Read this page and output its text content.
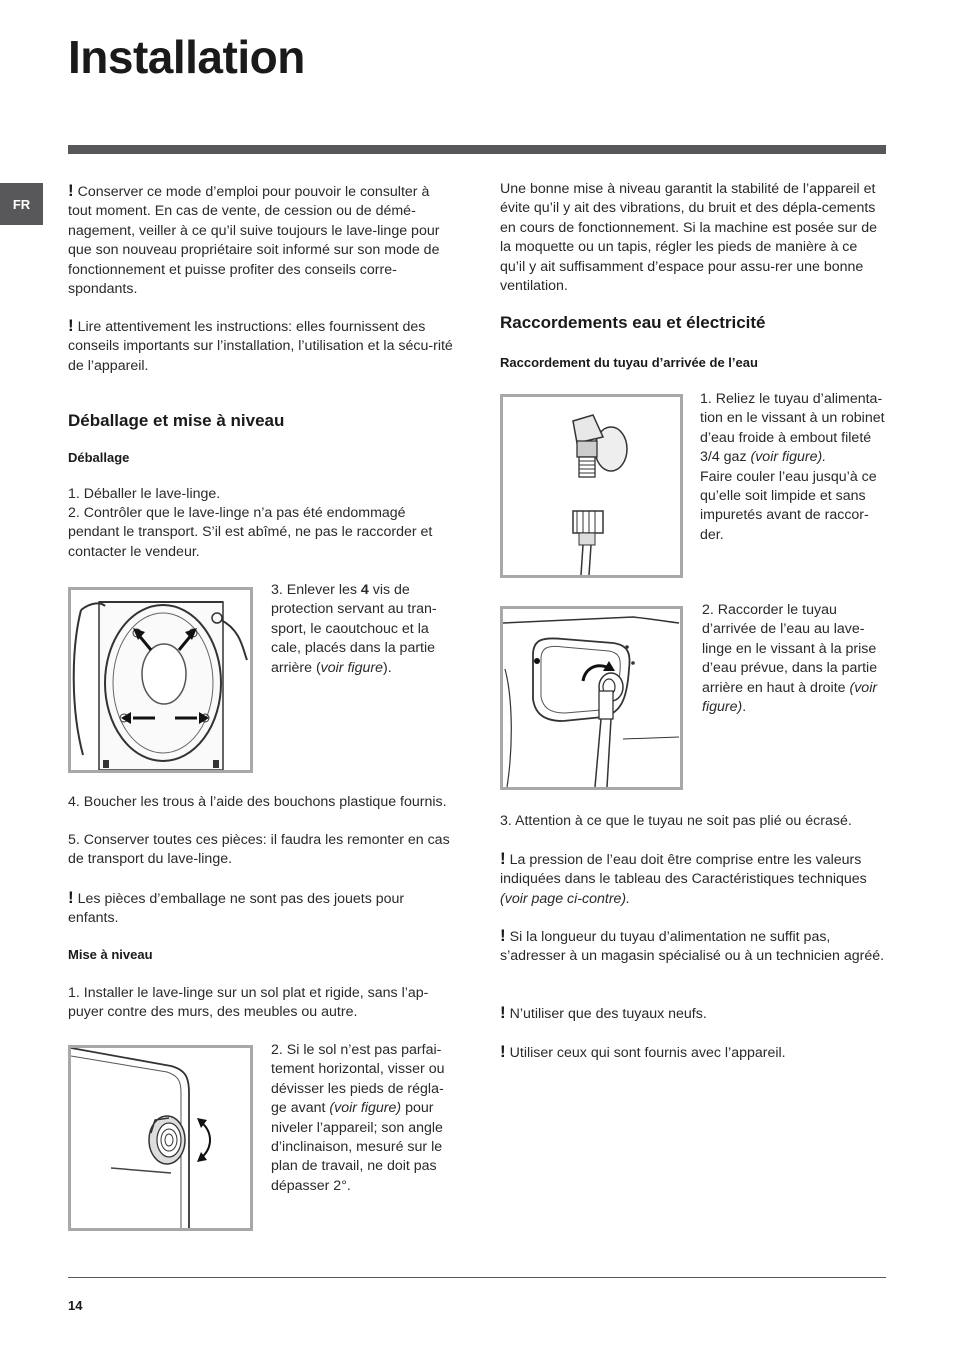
Installation
FR

! Conserver ce mode d’emploi pour pouvoir le consulter à tout moment. En cas de vente, de cession ou de démé-nagement, veiller à ce qu’il suive toujours le lave-linge pour que son nouveau propriétaire soit informé sur son mode de fonctionnement et puisse profiter des conseils corre-spondants.

! Lire attentivement les instructions: elles fournissent des conseils importants sur l’installation, l’utilisation et la sécu-rité de l’appareil.

Déballage et mise à niveau
Déballage

1. Déballer le lave-linge.

2. Contrôler que le lave-linge n’a pas été endommagé pendant le transport. S’il est abîmé, ne pas le raccorder et contacter le vendeur.

3. Enlever les 4 vis de protection servant au tran-sport, le caoutchouc et la cale, placés dans la partie arrière (voir figure).

4. Boucher les trous à l’aide des bouchons plastique fournis.

5. Conserver toutes ces pièces: il faudra les remonter en cas de transport du lave-linge.

! Les pièces d’emballage ne sont pas des jouets pour enfants.

Mise à niveau

1. Installer le lave-linge sur un sol plat et rigide, sans l’ap-puyer contre des murs, des meubles ou autre.

2. Si le sol n’est pas parfai-tement horizontal, visser ou dévisser les pieds de régla-ge avant (voir figure) pour niveler l’appareil; son angle d’inclinaison, mesuré sur le plan de travail, ne doit pas dépasser 2°.

Une bonne mise à niveau garantit la stabilité de l’appareil et évite qu’il y ait des vibrations, du bruit et des dépla-cements en cours de fonctionnement. Si la machine est posée sur de la moquette ou un tapis, régler les pieds de manière à ce qu’il y ait suffisamment d’espace pour assu-rer une bonne ventilation.

Raccordements eau et électricité
Raccordement du tuyau d’arrivée de l’eau

1. Reliez le tuyau d’alimenta-tion en le vissant à un robinet d’eau froide à embout fileté 3/4 gaz (voir figure).
Faire couler l’eau jusqu’à ce qu’elle soit limpide et sans impuretés avant de raccor-der.

2. Raccorder le tuyau d’arrivée de l’eau au lave-linge en le vissant à la prise d’eau prévue, dans la partie arrière en haut à droite (voir figure).

3. Attention à ce que le tuyau ne soit pas plié ou écrasé.

! La pression de l’eau doit être comprise entre les valeurs indiquées dans le tableau des Caractéristiques techniques (voir page ci-contre).

! Si la longueur du tuyau d’alimentation ne suffit pas, s’adresser à un magasin spécialisé ou à un technicien agréé.

! N’utiliser que des tuyaux neufs.

! Utiliser ceux qui sont fournis avec l’appareil.

14
